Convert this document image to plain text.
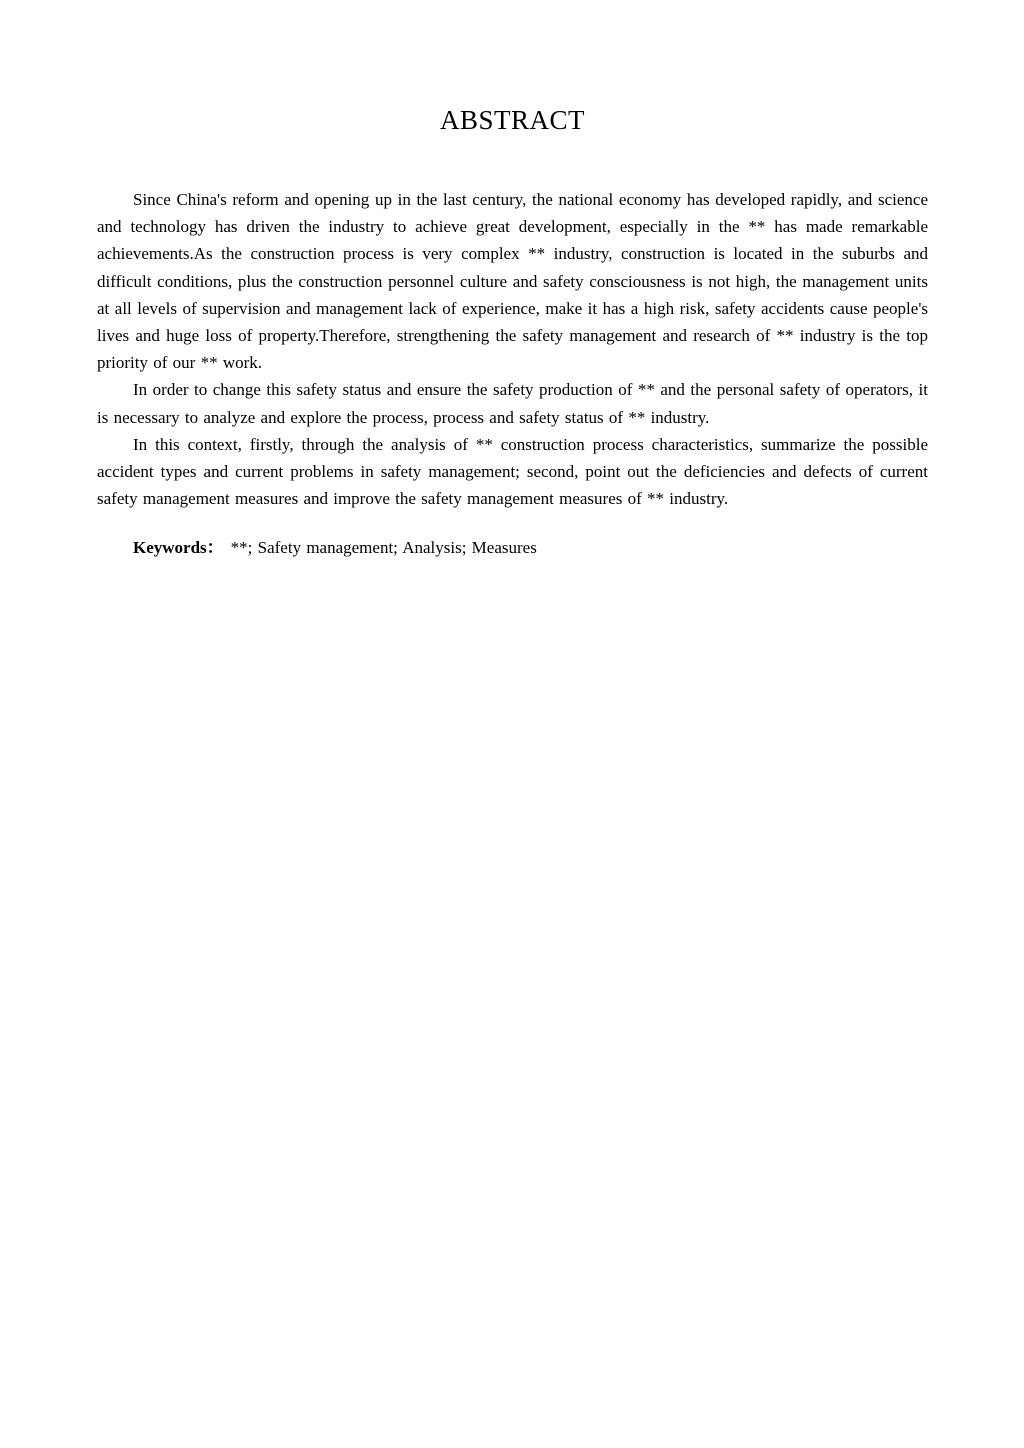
ABSTRACT

Since China's reform and opening up in the last century, the national economy has developed rapidly, and science and technology has driven the industry to achieve great development, especially in the ** has made remarkable achievements.As the construction process is very complex ** industry, construction is located in the suburbs and difficult conditions, plus the construction personnel culture and safety consciousness is not high, the management units at all levels of supervision and management lack of experience, make it has a high risk, safety accidents cause people's lives and huge loss of property.Therefore, strengthening the safety management and research of ** industry is the top priority of our ** work.

In order to change this safety status and ensure the safety production of ** and the personal safety of operators, it is necessary to analyze and explore the process, process and safety status of ** industry.

In this context, firstly, through the analysis of ** construction process characteristics, summarize the possible accident types and current problems in safety management; second, point out the deficiencies and defects of current safety management measures and improve the safety management measures of ** industry.

Keywords： **; Safety management; Analysis; Measures
